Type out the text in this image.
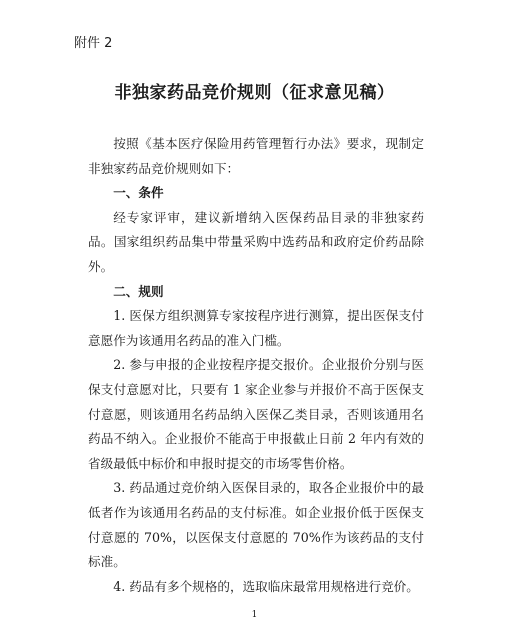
附件 2
非独家药品竞价规则（征求意见稿）

按照《基本医疗保险用药管理暂行办法》要求，现制定非独家药品竞价规则如下：

一、条件

经专家评审，建议新增纳入医保药品目录的非独家药品。国家组织药品集中带量采购中选药品和政府定价药品除外。

二、规则

1. 医保方组织测算专家按程序进行测算，提出医保支付意愿作为该通用名药品的准入门槛。

2. 参与申报的企业按程序提交报价。企业报价分别与医保支付意愿对比，只要有 1 家企业参与并报价不高于医保支付意愿，则该通用名药品纳入医保乙类目录，否则该通用名药品不纳入。企业报价不能高于申报截止日前 2 年内有效的省级最低中标价和申报时提交的市场零售价格。

3. 药品通过竞价纳入医保目录的，取各企业报价中的最低者作为该通用名药品的支付标准。如企业报价低于医保支付意愿的 70%，以医保支付意愿的 70%作为该药品的支付标准。

4. 药品有多个规格的，选取临床最常用规格进行竞价。

1
